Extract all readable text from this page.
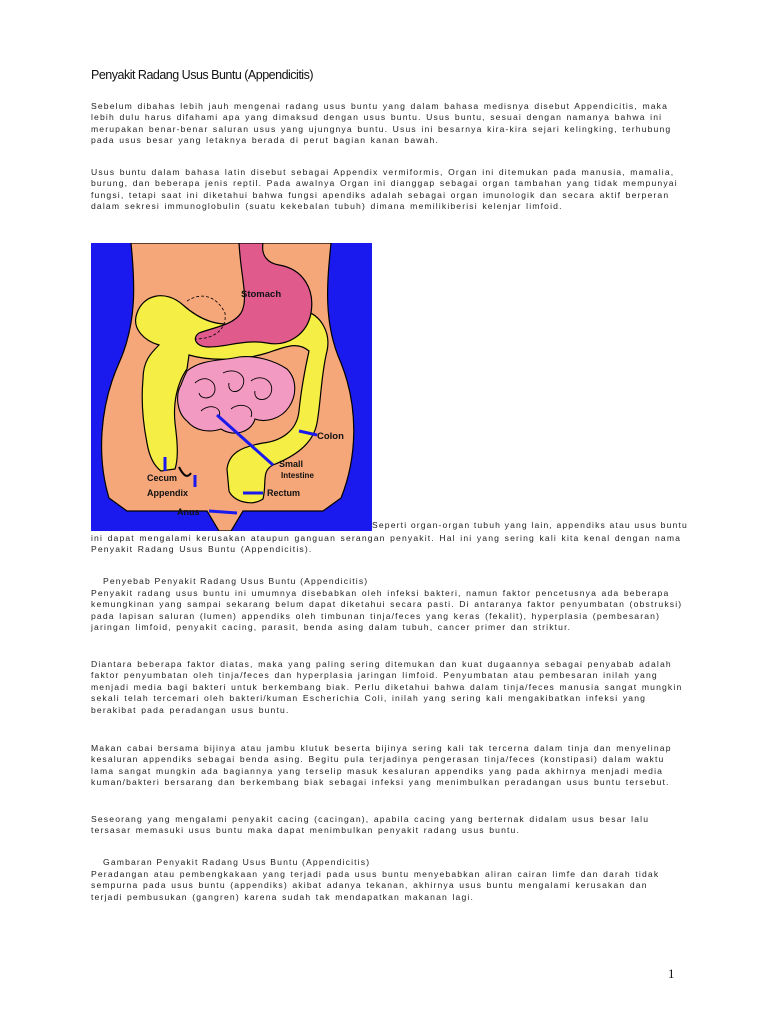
Penyakit Radang Usus Buntu (Appendicitis)

Sebelum dibahas lebih jauh mengenai radang usus buntu yang dalam bahasa medisnya disebut Appendicitis, maka lebih dulu harus difahami apa yang dimaksud dengan usus buntu. Usus buntu, sesuai dengan namanya bahwa ini merupakan benar-benar saluran usus yang ujungnya buntu. Usus ini besarnya kira-kira sejari kelingking, terhubung pada usus besar yang letaknya berada di perut bagian kanan bawah.

Usus buntu dalam bahasa latin disebut sebagai Appendix vermiformis, Organ ini ditemukan pada manusia, mamalia, burung, dan beberapa jenis reptil. Pada awalnya Organ ini dianggap sebagai organ tambahan yang tidak mempunyai fungsi, tetapi saat ini diketahui bahwa fungsi apendiks adalah sebagai organ imunologik dan secara aktif berperan dalam sekresi immunoglobulin (suatu kekebalan tubuh) dimana memilikiberisi kelenjar limfoid.

Stomach
Colon
Small
Intestine
Cecum
Appendix	Rectum
Anus
Seperti organ-organ tubuh yang lain, appendiks atau usus buntu

ini dapat mengalami kerusakan ataupun ganguan serangan penyakit. Hal ini yang sering kali kita kenal dengan nama Penyakit Radang Usus Buntu (Appendicitis).

Penyebab Penyakit Radang Usus Buntu (Appendicitis)

Penyakit radang usus buntu ini umumnya disebabkan oleh infeksi bakteri, namun faktor pencetusnya ada beberapa kemungkinan yang sampai sekarang belum dapat diketahui secara pasti. Di antaranya faktor penyumbatan (obstruksi) pada lapisan saluran (lumen) appendiks oleh timbunan tinja/feces yang keras (fekalit), hyperplasia (pembesaran) jaringan limfoid, penyakit cacing, parasit, benda asing dalam tubuh, cancer primer dan striktur.

Diantara beberapa faktor diatas, maka yang paling sering ditemukan dan kuat dugaannya sebagai penyabab adalah faktor penyumbatan oleh tinja/feces dan hyperplasia jaringan limfoid. Penyumbatan atau pembesaran inilah yang menjadi media bagi bakteri untuk berkembang biak. Perlu diketahui bahwa dalam tinja/feces manusia sangat mungkin sekali telah tercemari oleh bakteri/kuman Escherichia Coli, inilah yang sering kali mengakibatkan infeksi yang berakibat pada peradangan usus buntu.

Makan cabai bersama bijinya atau jambu klutuk beserta bijinya sering kali tak tercerna dalam tinja dan menyelinap kesaluran appendiks sebagai benda asing. Begitu pula terjadinya pengerasan tinja/feces (konstipasi) dalam waktu lama sangat mungkin ada bagiannya yang terselip masuk kesaluran appendiks yang pada akhirnya menjadi media kuman/bakteri bersarang dan berkembang biak sebagai infeksi yang menimbulkan peradangan usus buntu tersebut.

Seseorang yang mengalami penyakit cacing (cacingan), apabila cacing yang berternak didalam usus besar lalu tersasar memasuki usus buntu maka dapat menimbulkan penyakit radang usus buntu.

Gambaran Penyakit Radang Usus Buntu (Appendicitis)

Peradangan atau pembengkakaan yang terjadi pada usus buntu menyebabkan aliran cairan limfe dan darah tidak sempurna pada usus buntu (appendiks) akibat adanya tekanan, akhirnya usus buntu mengalami kerusakan dan terjadi pembusukan (gangren) karena sudah tak mendapatkan makanan lagi.

1
